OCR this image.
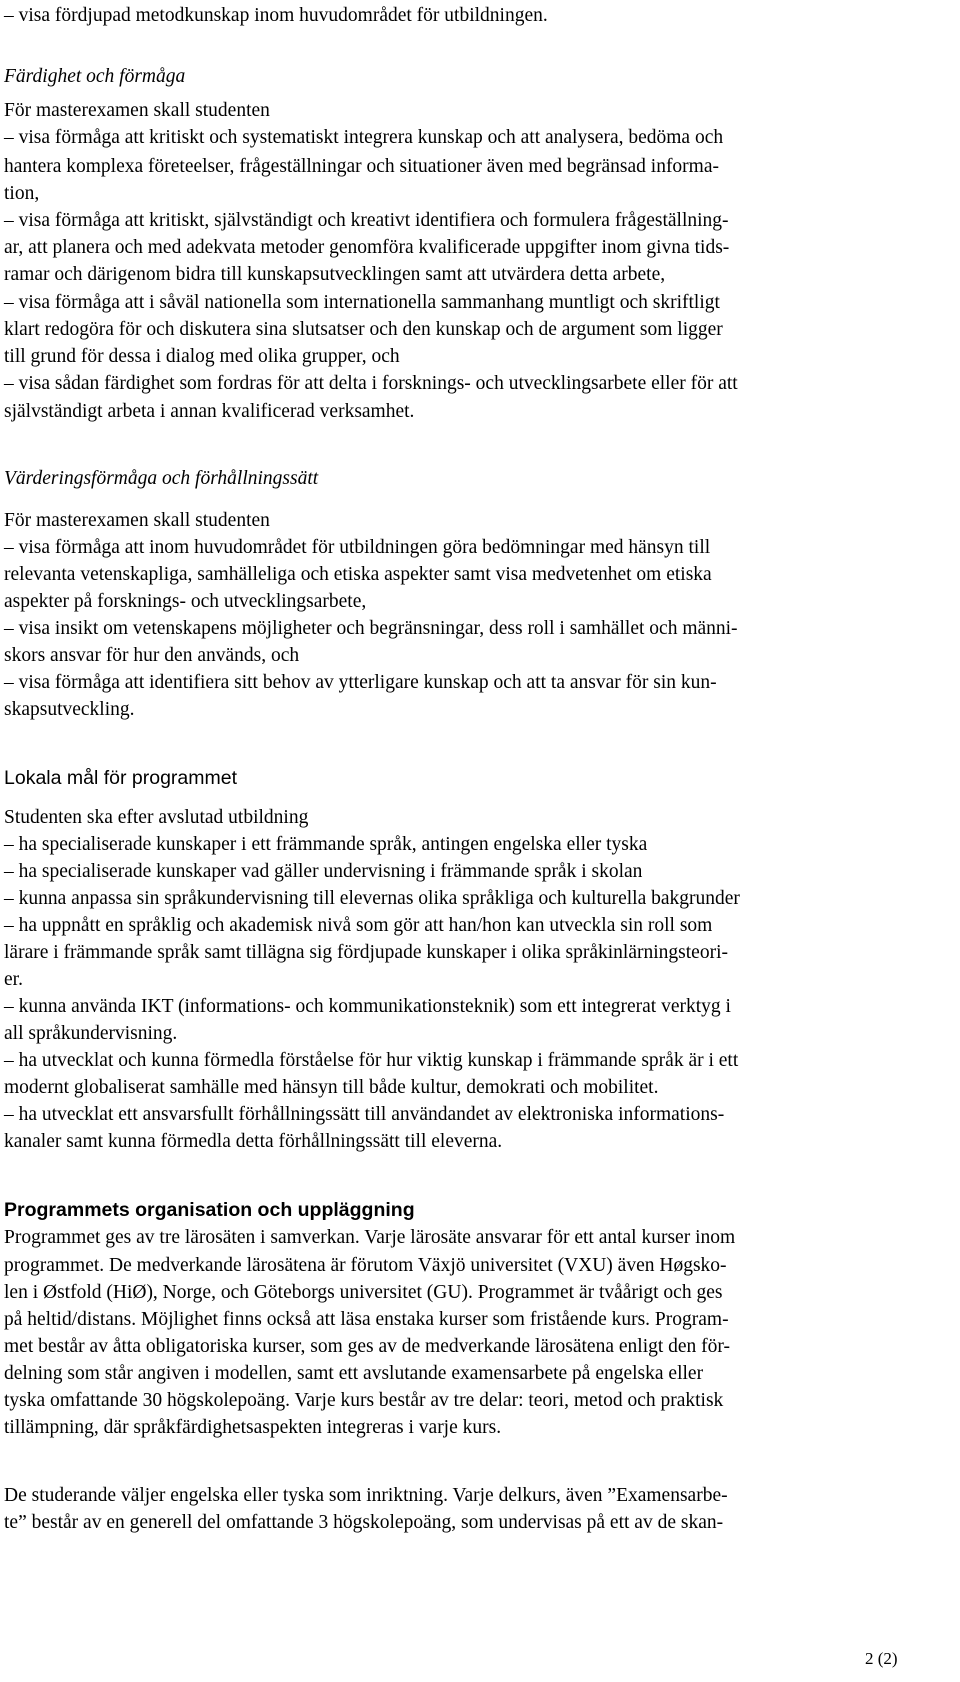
– visa fördjupad metodkunskap inom huvudområdet för utbildningen.
Färdighet och förmåga
För masterexamen skall studenten
– visa förmåga att kritiskt och systematiskt integrera kunskap och att analysera, bedöma och
hantera komplexa företeelser, frågeställningar och situationer även med begränsad informa-
tion,
– visa förmåga att kritiskt, självständigt och kreativt identifiera och formulera frågeställning-
ar, att planera och med adekvata metoder genomföra kvalificerade uppgifter inom givna tids-
ramar och därigenom bidra till kunskapsutvecklingen samt att utvärdera detta arbete,
– visa förmåga att i såväl nationella som internationella sammanhang muntligt och skriftligt
klart redogöra för och diskutera sina slutsatser och den kunskap och de argument som ligger
till grund för dessa i dialog med olika grupper, och
– visa sådan färdighet som fordras för att delta i forsknings- och utvecklingsarbete eller för att
självständigt arbeta i annan kvalificerad verksamhet.
Värderingsförmåga och förhållningssätt
För masterexamen skall studenten
– visa förmåga att inom huvudområdet för utbildningen göra bedömningar med hänsyn till
relevanta vetenskapliga, samhälleliga och etiska aspekter samt visa medvetenhet om etiska
aspekter på forsknings- och utvecklingsarbete,
– visa insikt om vetenskapens möjligheter och begränsningar, dess roll i samhället och männi-
skors ansvar för hur den används, och
– visa förmåga att identifiera sitt behov av ytterligare kunskap och att ta ansvar för sin kun-
skapsutveckling.
Lokala mål för programmet
Studenten ska efter avslutad utbildning
– ha specialiserade kunskaper i ett främmande språk, antingen engelska eller tyska
– ha specialiserade kunskaper vad gäller undervisning i främmande språk i skolan
– kunna anpassa sin språkundervisning till elevernas olika språkliga och kulturella bakgrunder
– ha uppnått en språklig och akademisk nivå som gör att han/hon kan utveckla sin roll som
lärare i främmande språk samt tillägna sig fördjupade kunskaper i olika språkinlärningsteori-
er.
– kunna använda IKT (informations- och kommunikationsteknik) som ett integrerat verktyg i
all språkundervisning.
– ha utvecklat och kunna förmedla förståelse för hur viktig kunskap i främmande språk är i ett
modernt globaliserat samhälle med hänsyn till både kultur, demokrati och mobilitet.
– ha utvecklat ett ansvarsfullt förhållningssätt till användandet av elektroniska informations-
kanaler samt kunna förmedla detta förhållningssätt till eleverna.
Programmets organisation och uppläggning
Programmet ges av tre lärosäten i samverkan. Varje lärosäte ansvarar för ett antal kurser inom
programmet. De medverkande lärosätena är förutom Växjö universitet (VXU) även Høgsko-
len i Østfold (HiØ), Norge, och Göteborgs universitet (GU). Programmet är tvåårigt och ges
på heltid/distans. Möjlighet finns också att läsa enstaka kurser som fristående kurs. Program-
met består av åtta obligatoriska kurser, som ges av de medverkande lärosätena enligt den för-
delning som står angiven i modellen, samt ett avslutande examensarbete på engelska eller
tyska omfattande 30 högskolepoäng. Varje kurs består av tre delar: teori, metod och praktisk
tillämpning, där språkfärdighetsaspekten integreras i varje kurs.
De studerande väljer engelska eller tyska som inriktning. Varje delkurs, även ”Examensarbe-
te” består av en generell del omfattande 3 högskolepoäng, som undervisas på ett av de skan-
2 (2)
